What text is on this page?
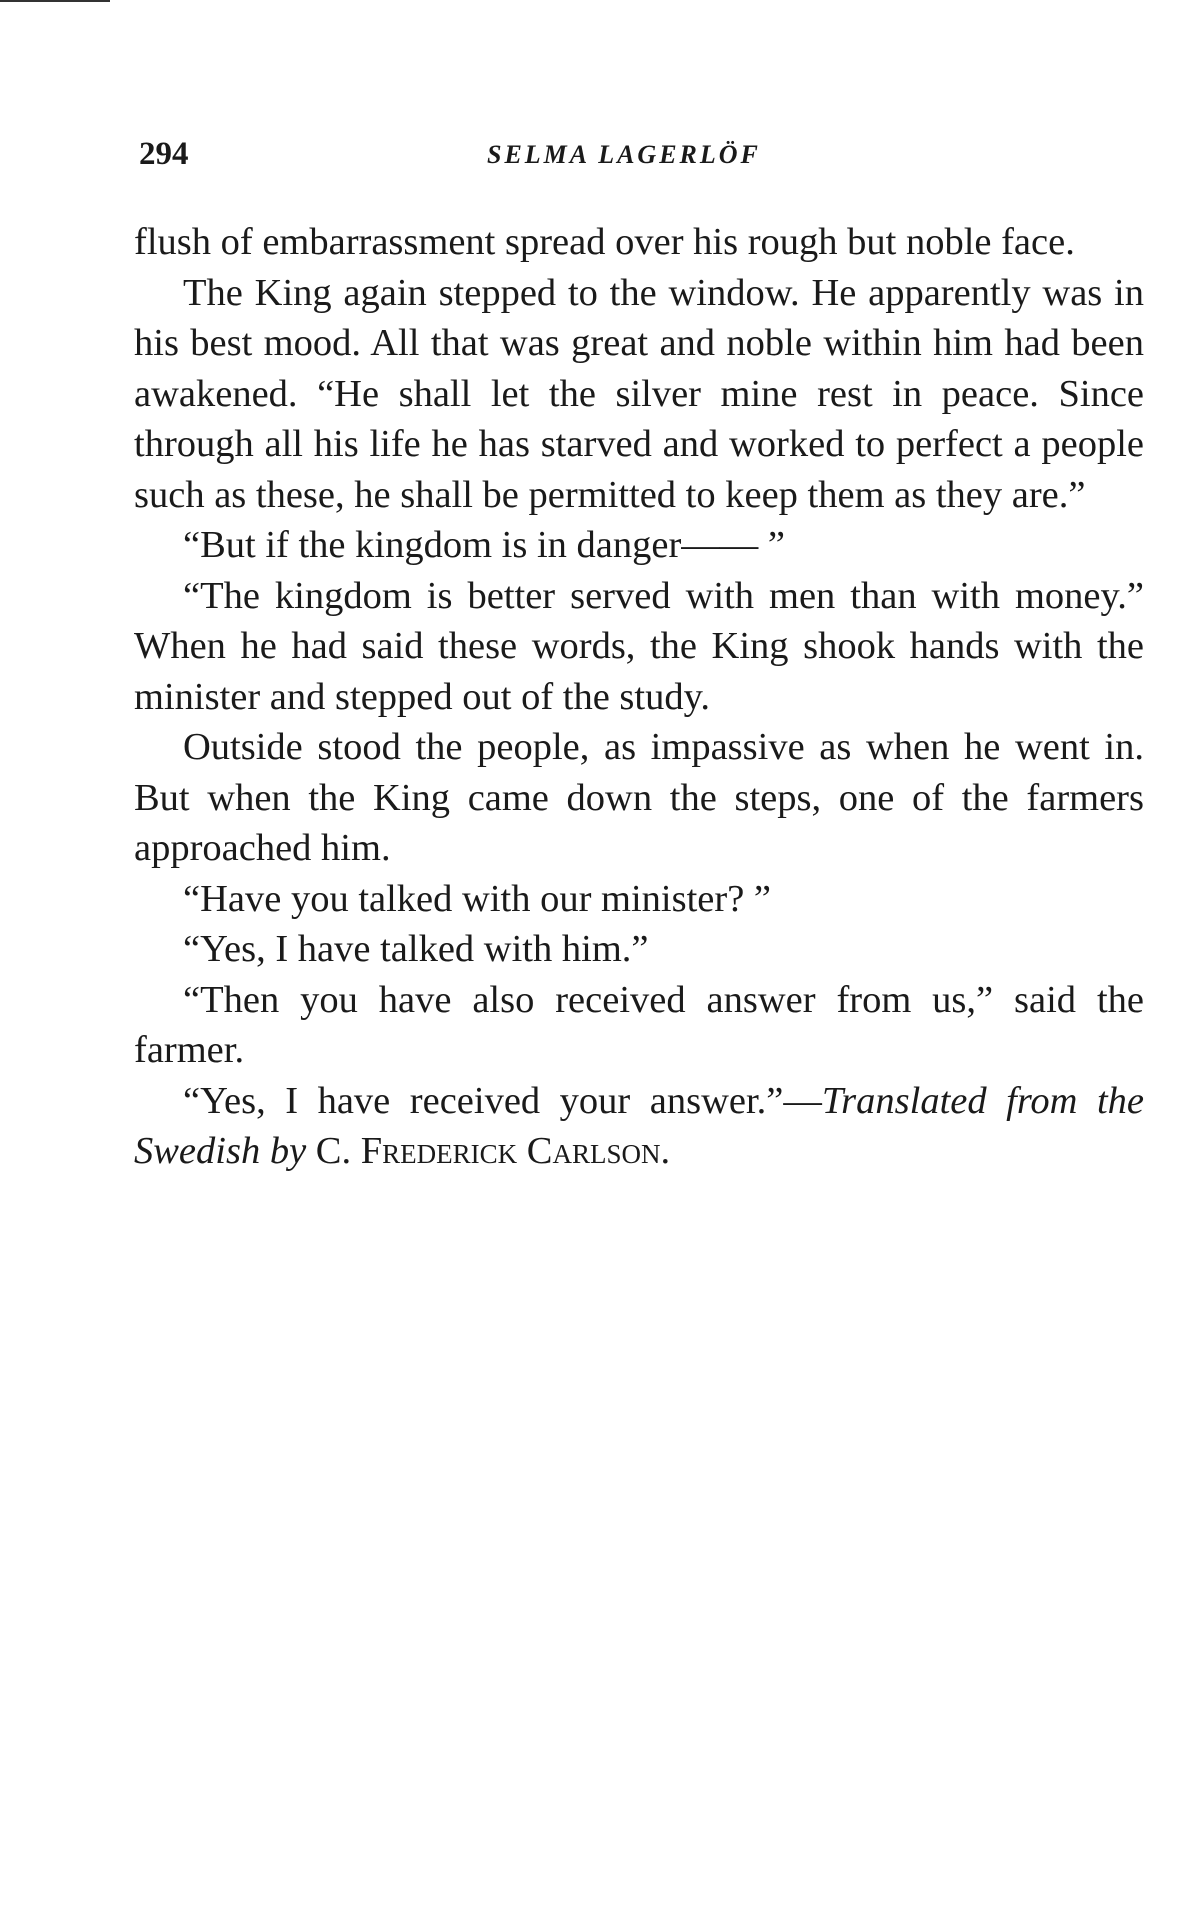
294	SELMA LAGERLÖF

flush of embarrassment spread over his rough but noble face.

The King again stepped to the window. He apparently was in his best mood. All that was great and noble within him had been awakened. “He shall let the silver mine rest in peace. Since through all his life he has starved and worked to perfect a people such as these, he shall be permitted to keep them as they are.”

“But if the kingdom is in danger—— ”

“The kingdom is better served with men than with money.” When he had said these words, the King shook hands with the minister and stepped out of the study.

Outside stood the people, as impassive as when he went in. But when the King came down the steps, one of the farmers approached him.

“Have you talked with our minister? ”

“Yes, I have talked with him.”

“Then you have also received answer from us,” said the farmer.

“Yes, I have received your answer.”—Translated from the Swedish by C. Frederick Carlson.
